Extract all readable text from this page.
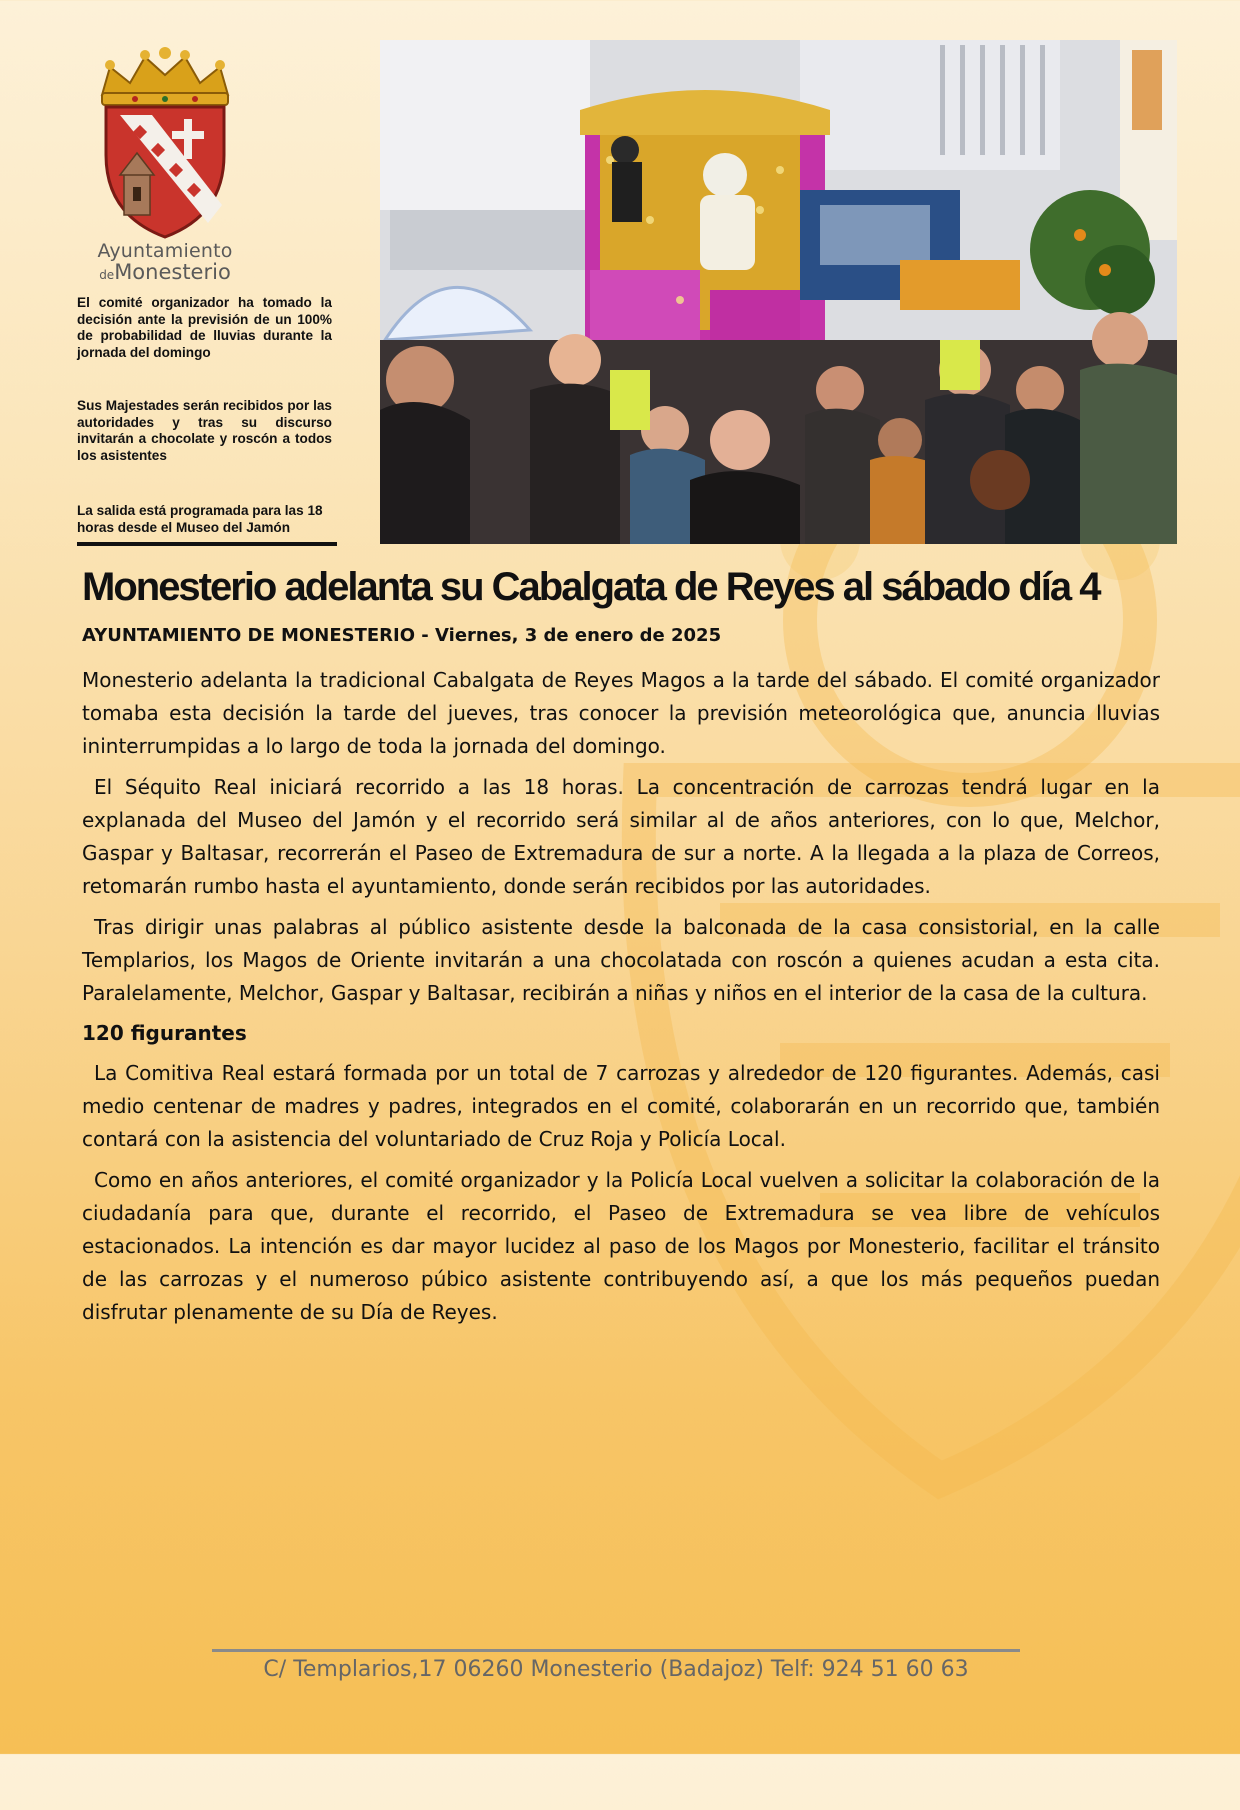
Ayuntamiento
deMonesterio
El comité organizador ha tomado la decisión ante la previsión de un 100% de probabilidad de lluvias durante la jornada del domingo
Sus Majestades serán recibidos por las autoridades y tras su discurso invitarán a chocolate y roscón a todos los asistentes
La salida está programada para las 18 horas desde el Museo del Jamón
Monesterio adelanta su Cabalgata de Reyes al sábado día 4

AYUNTAMIENTO DE MONESTERIO - Viernes, 3 de enero de 2025

Monesterio adelanta la tradicional Cabalgata de Reyes Magos a la tarde del sábado. El comité organizador tomaba esta decisión la tarde del jueves, tras conocer la previsión meteorológica que, anuncia lluvias ininterrumpidas a lo largo de toda la jornada del domingo.

El Séquito Real iniciará recorrido a las 18 horas. La concentración de carrozas tendrá lugar en la explanada del Museo del Jamón y el recorrido será similar al de años anteriores, con lo que, Melchor, Gaspar y Baltasar, recorrerán el Paseo de Extremadura de sur a norte. A la llegada a la plaza de Correos, retomarán rumbo hasta el ayuntamiento, donde serán recibidos por las autoridades.

Tras dirigir unas palabras al público asistente desde la balconada de la casa consistorial, en la calle Templarios, los Magos de Oriente invitarán a una chocolatada con roscón a quienes acudan a esta cita. Paralelamente, Melchor, Gaspar y Baltasar, recibirán a niñas y niños en el interior de la casa de la cultura.

120 figurantes

La Comitiva Real estará formada por un total de 7 carrozas y alrededor de 120 figurantes. Además, casi medio centenar de madres y padres, integrados en el comité, colaborarán en un recorrido que, también contará con la asistencia del voluntariado de Cruz Roja y Policía Local.

Como en años anteriores, el comité organizador y la Policía Local vuelven a solicitar la colaboración de la ciudadanía para que, durante el recorrido, el Paseo de Extremadura se vea libre de vehículos estacionados. La intención es dar mayor lucidez al paso de los Magos por Monesterio, facilitar el tránsito de las carrozas y el numeroso púbico asistente contribuyendo así, a que los más pequeños puedan disfrutar plenamente de su Día de Reyes.

C/ Templarios,17 06260 Monesterio (Badajoz) Telf: 924 51 60 63
